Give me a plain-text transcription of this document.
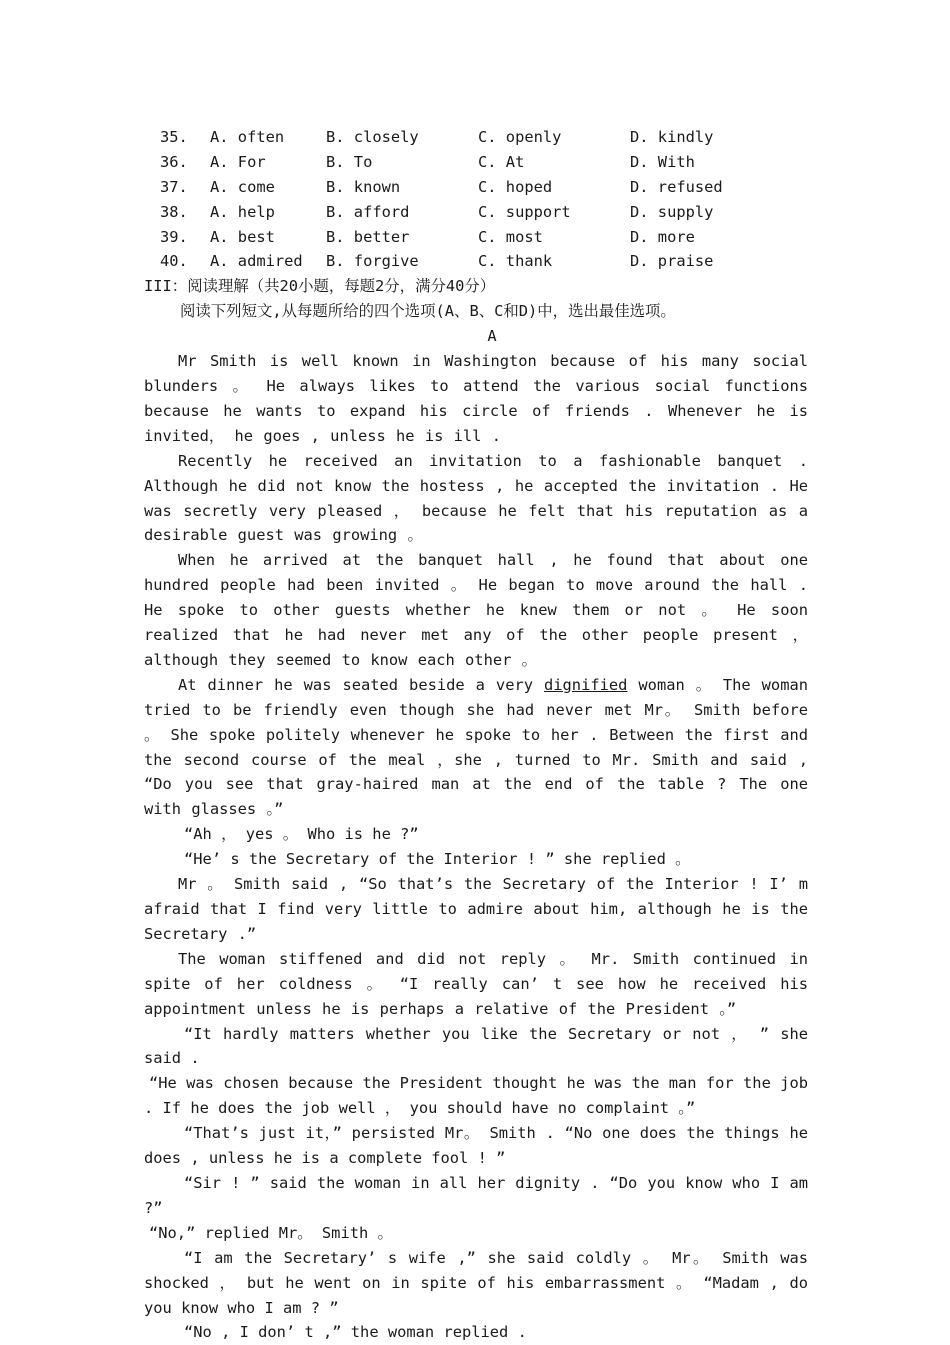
35.	A. often	B. closely	C. openly	D. kindly
36.	A. For	B. To	C. At	D. With
37.	A. come	B. known	C. hoped	D. refused
38.	A. help	B. afford	C. support	D. supply
39.	A. best	B. better	C. most	D. more
40.	A. admired	B. forgive	C. thank	D. praise
III：阅读理解（共20小题，每题2分，满分40分）
阅读下列短文,从每题所给的四个选项(A、B、C和D)中，选出最佳选项。
A

Mr Smith is well known in Washington because of his many social blunders 。 He always likes to attend the various social functions because he wants to expand his circle of friends . Whenever he is invited， he goes , unless he is ill .

Recently he received an invitation to a fashionable banquet . Although he did not know the hostess , he accepted the invitation . He was secretly very pleased ， because he felt that his reputation as a desirable guest was growing 。

When he arrived at the banquet hall , he found that about one hundred people had been invited 。 He began to move around the hall . He spoke to other guests whether he knew them or not 。 He soon realized that he had never met any of the other people present ， although they seemed to know each other 。

At dinner he was seated beside a very dignified woman 。 The woman tried to be friendly even though she had never met Mr。 Smith before 。 She spoke politely whenever he spoke to her . Between the first and the second course of the meal ，she , turned to Mr. Smith and said , “Do you see that gray-haired man at the end of the table ? The one with glasses 。”

“Ah ， yes 。 Who is he ?”

“He’ s the Secretary of the Interior ! ” she replied 。

Mr 。 Smith said , “So that’s the Secretary of the Interior ! I’ m afraid that I find very little to admire about him, although he is the Secretary .”

The woman stiffened and did not reply 。 Mr. Smith continued in spite of her coldness 。 “I really can’ t see how he received his appointment unless he is perhaps a relative of the President 。”

“It hardly matters whether you like the Secretary or not ， ” she said .

“He was chosen because the President thought he was the man for the job . If he does the job well ， you should have no complaint 。”

“That’s just it，” persisted Mr。 Smith . “No one does the things he does , unless he is a complete fool ! ”

“Sir ! ” said the woman in all her dignity . “Do you know who I am ?”

“No,” replied Mr。 Smith 。

“I am the Secretary’ s wife ,” she said coldly 。 Mr。 Smith was shocked ， but he went on in spite of his embarrassment 。 “Madam , do you know who I am ? ”

“No , I don’ t ,” the woman replied .
